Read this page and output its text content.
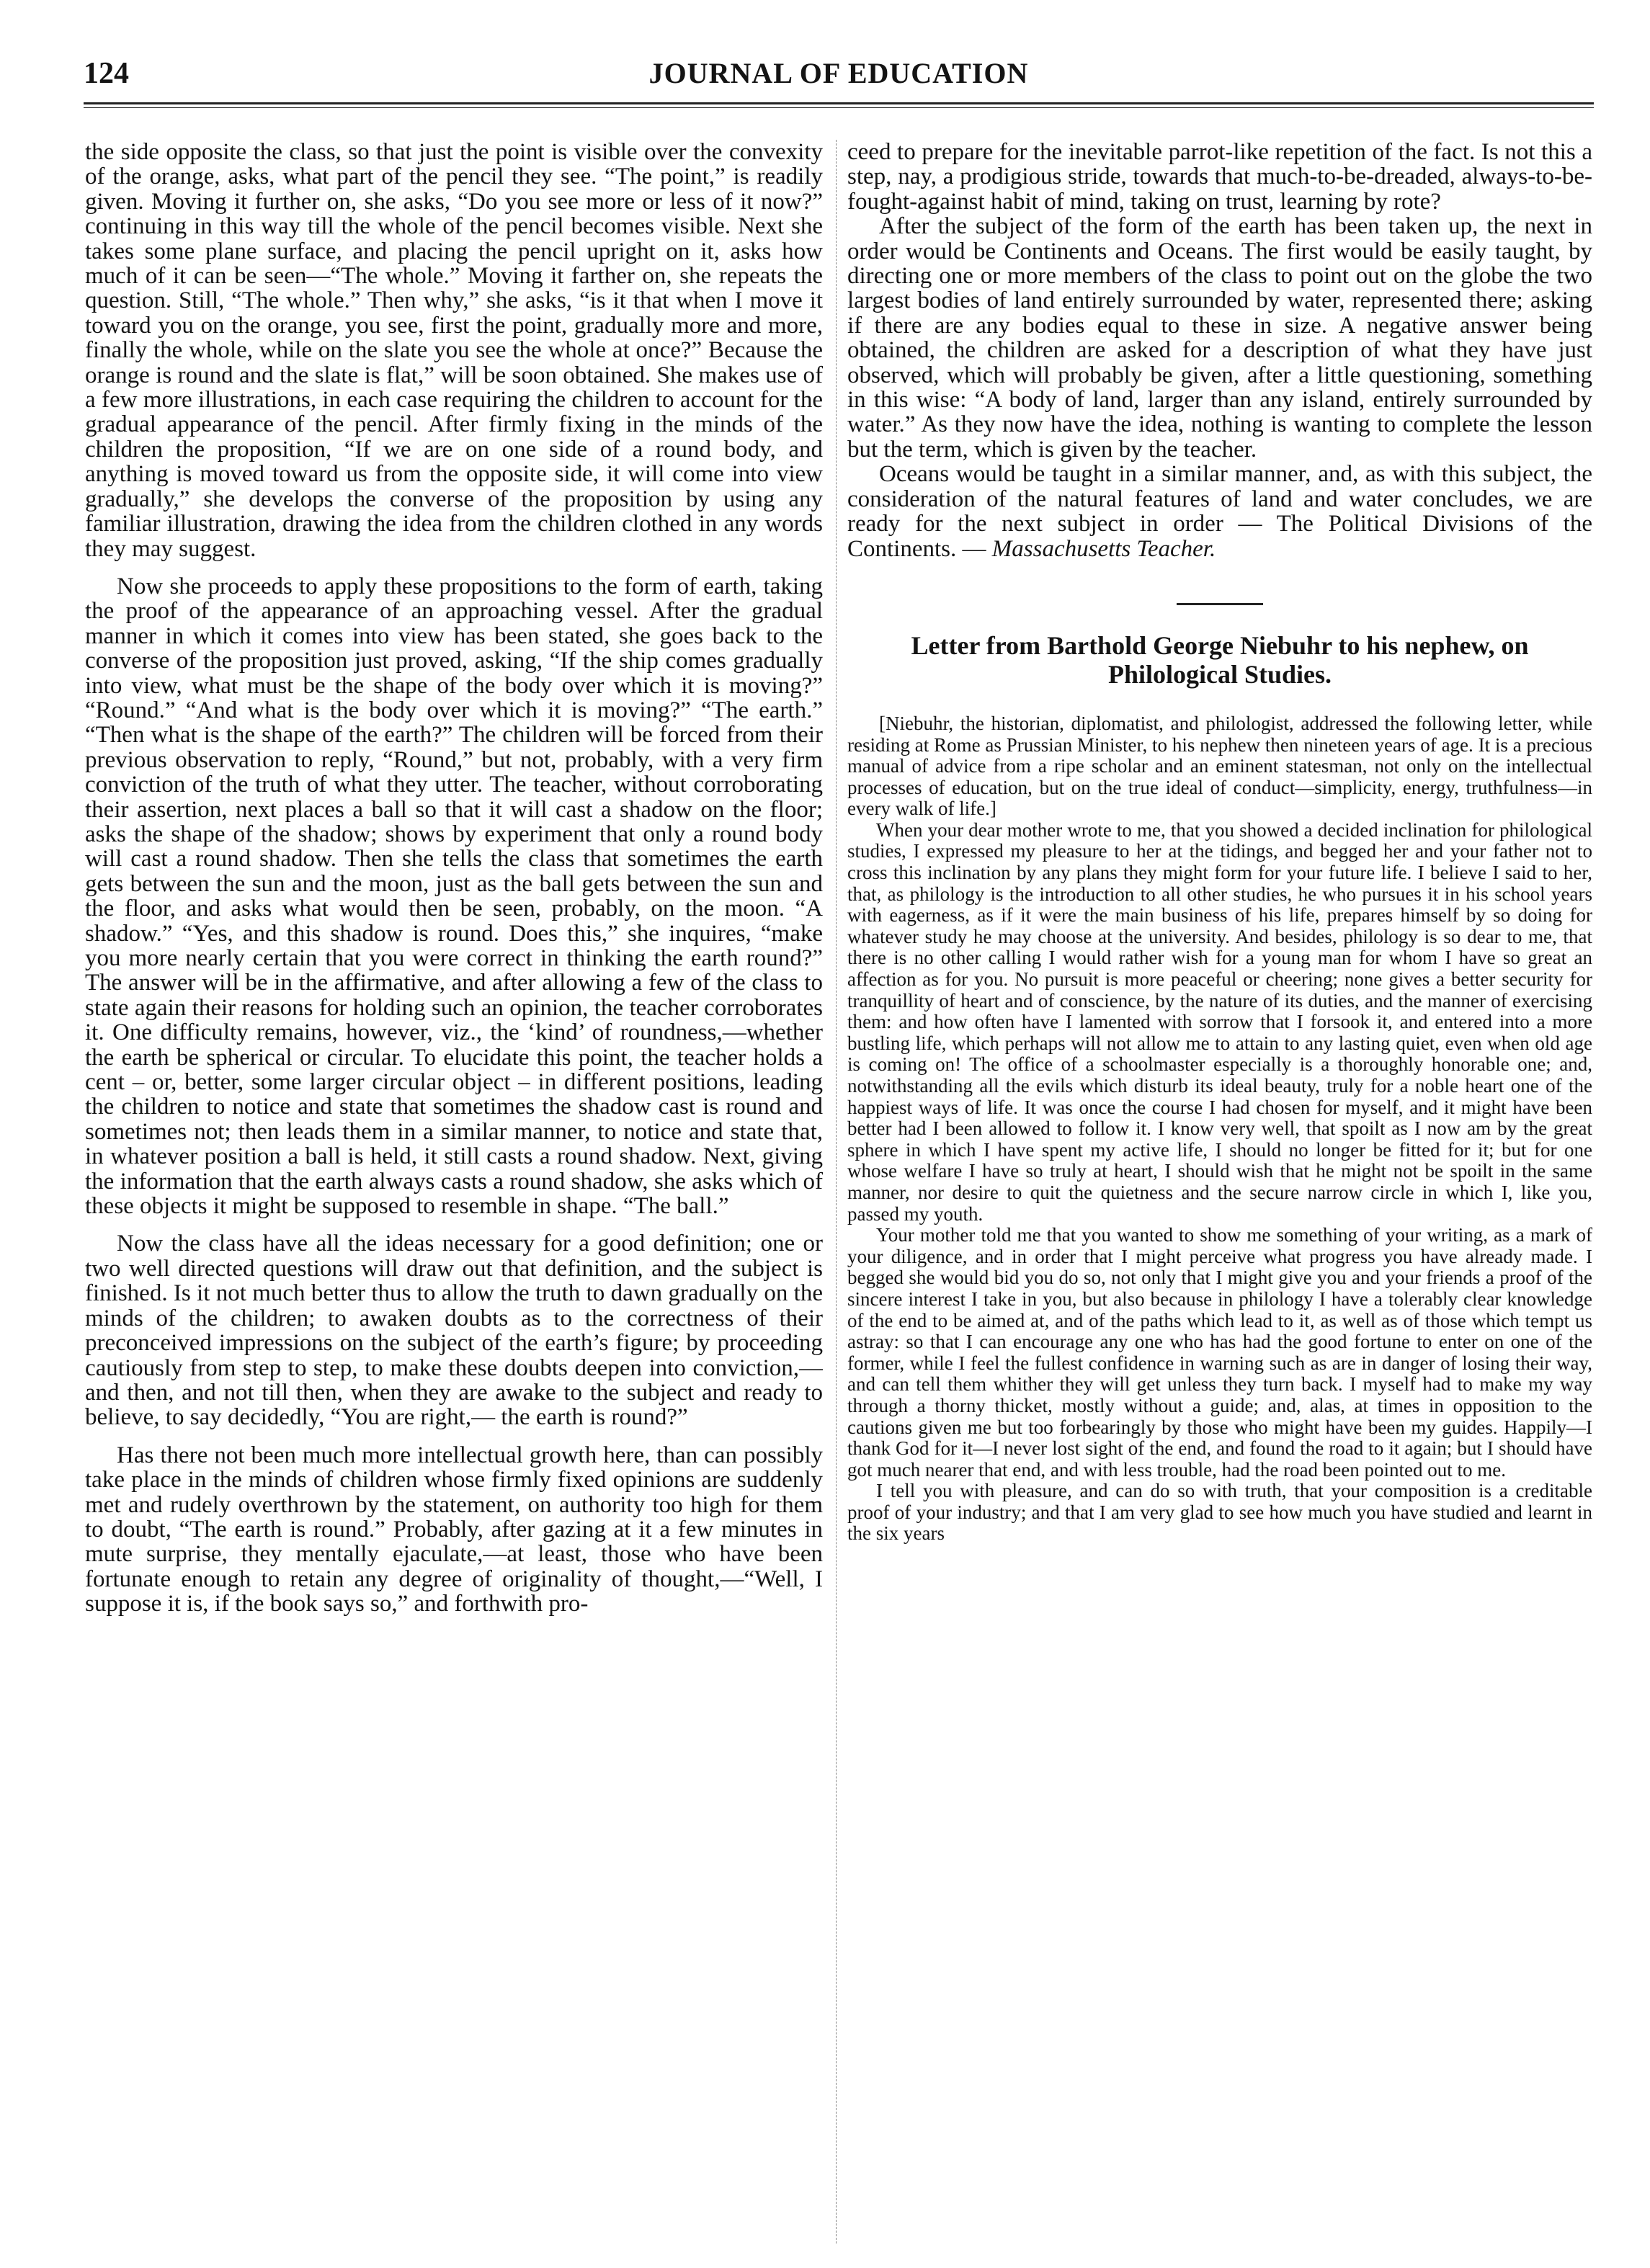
124	JOURNAL OF EDUCATION

the side opposite the class, so that just the point is visible over the convexity of the orange, asks, what part of the pencil they see. “The point,” is readily given. Moving it further on, she asks, “Do you see more or less of it now?” continuing in this way till the whole of the pencil becomes visible. Next she takes some plane surface, and placing the pencil upright on it, asks how much of it can be seen—“The whole.” Moving it farther on, she repeats the question. Still, “The whole.” Then why,” she asks, “is it that when I move it toward you on the orange, you see, first the point, gradually more and more, finally the whole, while on the slate you see the whole at once?” Because the orange is round and the slate is flat,” will be soon obtained. She makes use of a few more illustrations, in each case requiring the children to account for the gradual appearance of the pencil. After firmly fixing in the minds of the children the proposition, “If we are on one side of a round body, and anything is moved toward us from the opposite side, it will come into view gradually,” she develops the converse of the proposition by using any familiar illustration, drawing the idea from the children clothed in any words they may suggest.

Now she proceeds to apply these propositions to the form of earth, taking the proof of the appearance of an approaching vessel. After the gradual manner in which it comes into view has been stated, she goes back to the converse of the proposition just proved, asking, “If the ship comes gradually into view, what must be the shape of the body over which it is moving?” “Round.” “And what is the body over which it is moving?” “The earth.” “Then what is the shape of the earth?” The children will be forced from their previous observation to reply, “Round,” but not, probably, with a very firm conviction of the truth of what they utter. The teacher, without corroborating their assertion, next places a ball so that it will cast a shadow on the floor; asks the shape of the shadow; shows by experiment that only a round body will cast a round shadow. Then she tells the class that sometimes the earth gets between the sun and the moon, just as the ball gets between the sun and the floor, and asks what would then be seen, probably, on the moon. “A shadow.” “Yes, and this shadow is round. Does this,” she inquires, “make you more nearly certain that you were correct in thinking the earth round?” The answer will be in the affirmative, and after allowing a few of the class to state again their reasons for holding such an opinion, the teacher corroborates it. One difficulty remains, however, viz., the ‘kind’ of roundness,—whether the earth be spherical or circular. To elucidate this point, the teacher holds a cent – or, better, some larger circular object – in different positions, leading the children to notice and state that sometimes the shadow cast is round and sometimes not; then leads them in a similar manner, to notice and state that, in whatever position a ball is held, it still casts a round shadow. Next, giving the information that the earth always casts a round shadow, she asks which of these objects it might be supposed to resemble in shape. “The ball.”

Now the class have all the ideas necessary for a good definition; one or two well directed questions will draw out that definition, and the subject is finished. Is it not much better thus to allow the truth to dawn gradually on the minds of the children; to awaken doubts as to the correctness of their preconceived impressions on the subject of the earth’s figure; by proceeding cautiously from step to step, to make these doubts deepen into conviction,—and then, and not till then, when they are awake to the subject and ready to believe, to say decidedly, “You are right,— the earth is round?”

Has there not been much more intellectual growth here, than can possibly take place in the minds of children whose firmly fixed opinions are suddenly met and rudely overthrown by the statement, on authority too high for them to doubt, “The earth is round.” Probably, after gazing at it a few minutes in mute surprise, they mentally ejaculate,—at least, those who have been fortunate enough to retain any degree of originality of thought,—“Well, I suppose it is, if the book says so,” and forthwith pro-

ceed to prepare for the inevitable parrot-like repetition of the fact. Is not this a step, nay, a prodigious stride, towards that much-to-be-dreaded, always-to-be-fought-against habit of mind, taking on trust, learning by rote?

After the subject of the form of the earth has been taken up, the next in order would be Continents and Oceans. The first would be easily taught, by directing one or more members of the class to point out on the globe the two largest bodies of land entirely surrounded by water, represented there; asking if there are any bodies equal to these in size. A negative answer being obtained, the children are asked for a description of what they have just observed, which will probably be given, after a little questioning, something in this wise: “A body of land, larger than any island, entirely surrounded by water.” As they now have the idea, nothing is wanting to complete the lesson but the term, which is given by the teacher.

Oceans would be taught in a similar manner, and, as with this subject, the consideration of the natural features of land and water concludes, we are ready for the next subject in order — The Political Divisions of the Continents. — Massachusetts Teacher.

Letter from Barthold George Niebuhr to his nephew, on Philological Studies.

[Niebuhr, the historian, diplomatist, and philologist, addressed the following letter, while residing at Rome as Prussian Minister, to his nephew then nineteen years of age. It is a precious manual of advice from a ripe scholar and an eminent statesman, not only on the intellectual processes of education, but on the true ideal of conduct—simplicity, energy, truthfulness—in every walk of life.]

When your dear mother wrote to me, that you showed a decided inclination for philological studies, I expressed my pleasure to her at the tidings, and begged her and your father not to cross this inclination by any plans they might form for your future life. I believe I said to her, that, as philology is the introduction to all other studies, he who pursues it in his school years with eagerness, as if it were the main business of his life, prepares himself by so doing for whatever study he may choose at the university. And besides, philology is so dear to me, that there is no other calling I would rather wish for a young man for whom I have so great an affection as for you. No pursuit is more peaceful or cheering; none gives a better security for tranquillity of heart and of conscience, by the nature of its duties, and the manner of exercising them: and how often have I lamented with sorrow that I forsook it, and entered into a more bustling life, which perhaps will not allow me to attain to any lasting quiet, even when old age is coming on! The office of a schoolmaster especially is a thoroughly honorable one; and, notwithstanding all the evils which disturb its ideal beauty, truly for a noble heart one of the happiest ways of life. It was once the course I had chosen for myself, and it might have been better had I been allowed to follow it. I know very well, that spoilt as I now am by the great sphere in which I have spent my active life, I should no longer be fitted for it; but for one whose welfare I have so truly at heart, I should wish that he might not be spoilt in the same manner, nor desire to quit the quietness and the secure narrow circle in which I, like you, passed my youth.

Your mother told me that you wanted to show me something of your writing, as a mark of your diligence, and in order that I might perceive what progress you have already made. I begged she would bid you do so, not only that I might give you and your friends a proof of the sincere interest I take in you, but also because in philology I have a tolerably clear knowledge of the end to be aimed at, and of the paths which lead to it, as well as of those which tempt us astray: so that I can encourage any one who has had the good fortune to enter on one of the former, while I feel the fullest confidence in warning such as are in danger of losing their way, and can tell them whither they will get unless they turn back. I myself had to make my way through a thorny thicket, mostly without a guide; and, alas, at times in opposition to the cautions given me but too forbearingly by those who might have been my guides. Happily—I thank God for it—I never lost sight of the end, and found the road to it again; but I should have got much nearer that end, and with less trouble, had the road been pointed out to me.

I tell you with pleasure, and can do so with truth, that your composition is a creditable proof of your industry; and that I am very glad to see how much you have studied and learnt in the six years
